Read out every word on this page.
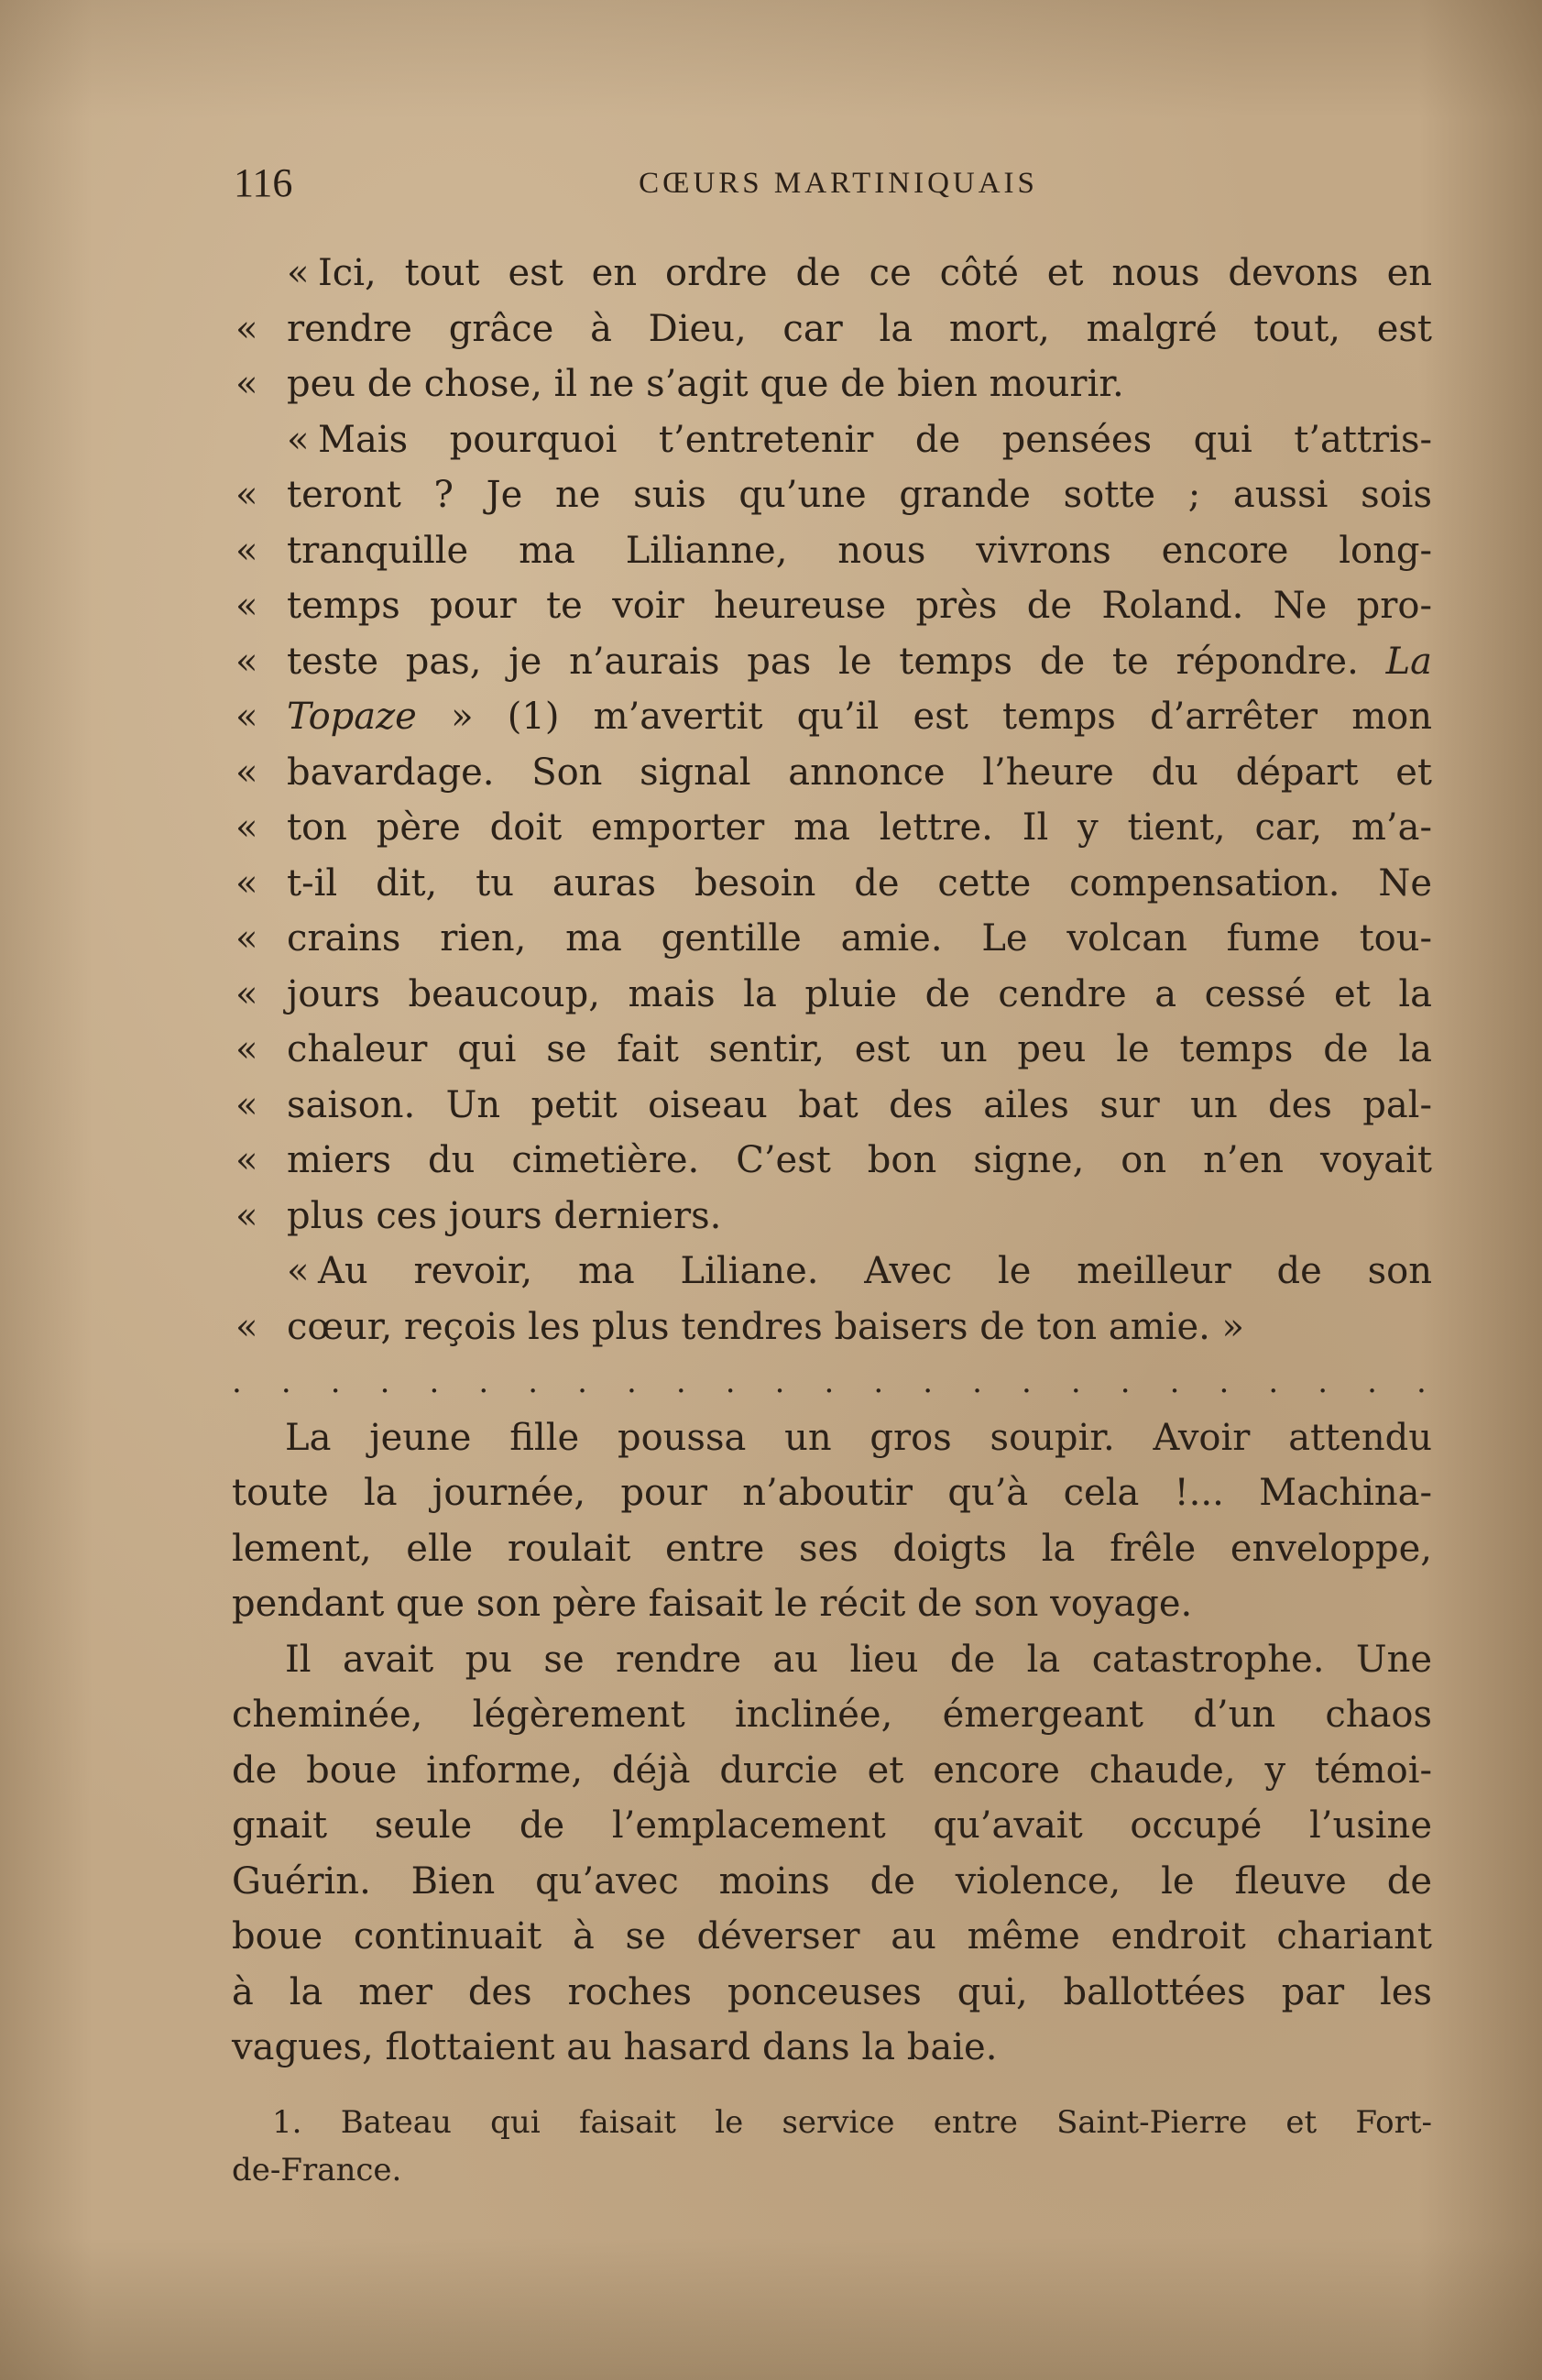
116	CŒURS MARTINIQUAIS
« Ici, tout est en ordre de ce côté et nous devons en
« rendre grâce à Dieu, car la mort, malgré tout, est
« peu de chose, il ne s’agit que de bien mourir.
« Mais pourquoi t’entretenir de pensées qui t’attris-
« teront ? Je ne suis qu’une grande sotte ; aussi sois
« tranquille ma Lilianne, nous vivrons encore long-
« temps pour te voir heureuse près de Roland. Ne pro-
« teste pas, je n’aurais pas le temps de te répondre. La
« Topaze » (1) m’avertit qu’il est temps d’arrêter mon
« bavardage. Son signal annonce l’heure du départ et
« ton père doit emporter ma lettre. Il y tient, car, m’a-
« t-il dit, tu auras besoin de cette compensation. Ne
« crains rien, ma gentille amie. Le volcan fume tou-
« jours beaucoup, mais la pluie de cendre a cessé et la
« chaleur qui se fait sentir, est un peu le temps de la
« saison. Un petit oiseau bat des ailes sur un des pal-
« miers du cimetière. C’est bon signe, on n’en voyait
« plus ces jours derniers.
« Au revoir, ma Liliane. Avec le meilleur de son
« cœur, reçois les plus tendres baisers de ton amie. »
. . . . . . . . . . . . . . . . . . . . . . . . .
La jeune fille poussa un gros soupir. Avoir attendu
toute la journée, pour n’aboutir qu’à cela !... Machina-
lement, elle roulait entre ses doigts la frêle enveloppe,
pendant que son père faisait le récit de son voyage.
Il avait pu se rendre au lieu de la catastrophe. Une
cheminée, légèrement inclinée, émergeant d’un chaos
de boue informe, déjà durcie et encore chaude, y témoi-
gnait seule de l’emplacement qu’avait occupé l’usine
Guérin. Bien qu’avec moins de violence, le fleuve de
boue continuait à se déverser au même endroit chariant
à la mer des roches ponceuses qui, ballottées par les
vagues, flottaient au hasard dans la baie.
1. Bateau qui faisait le service entre Saint-Pierre et Fort-
de-France.
